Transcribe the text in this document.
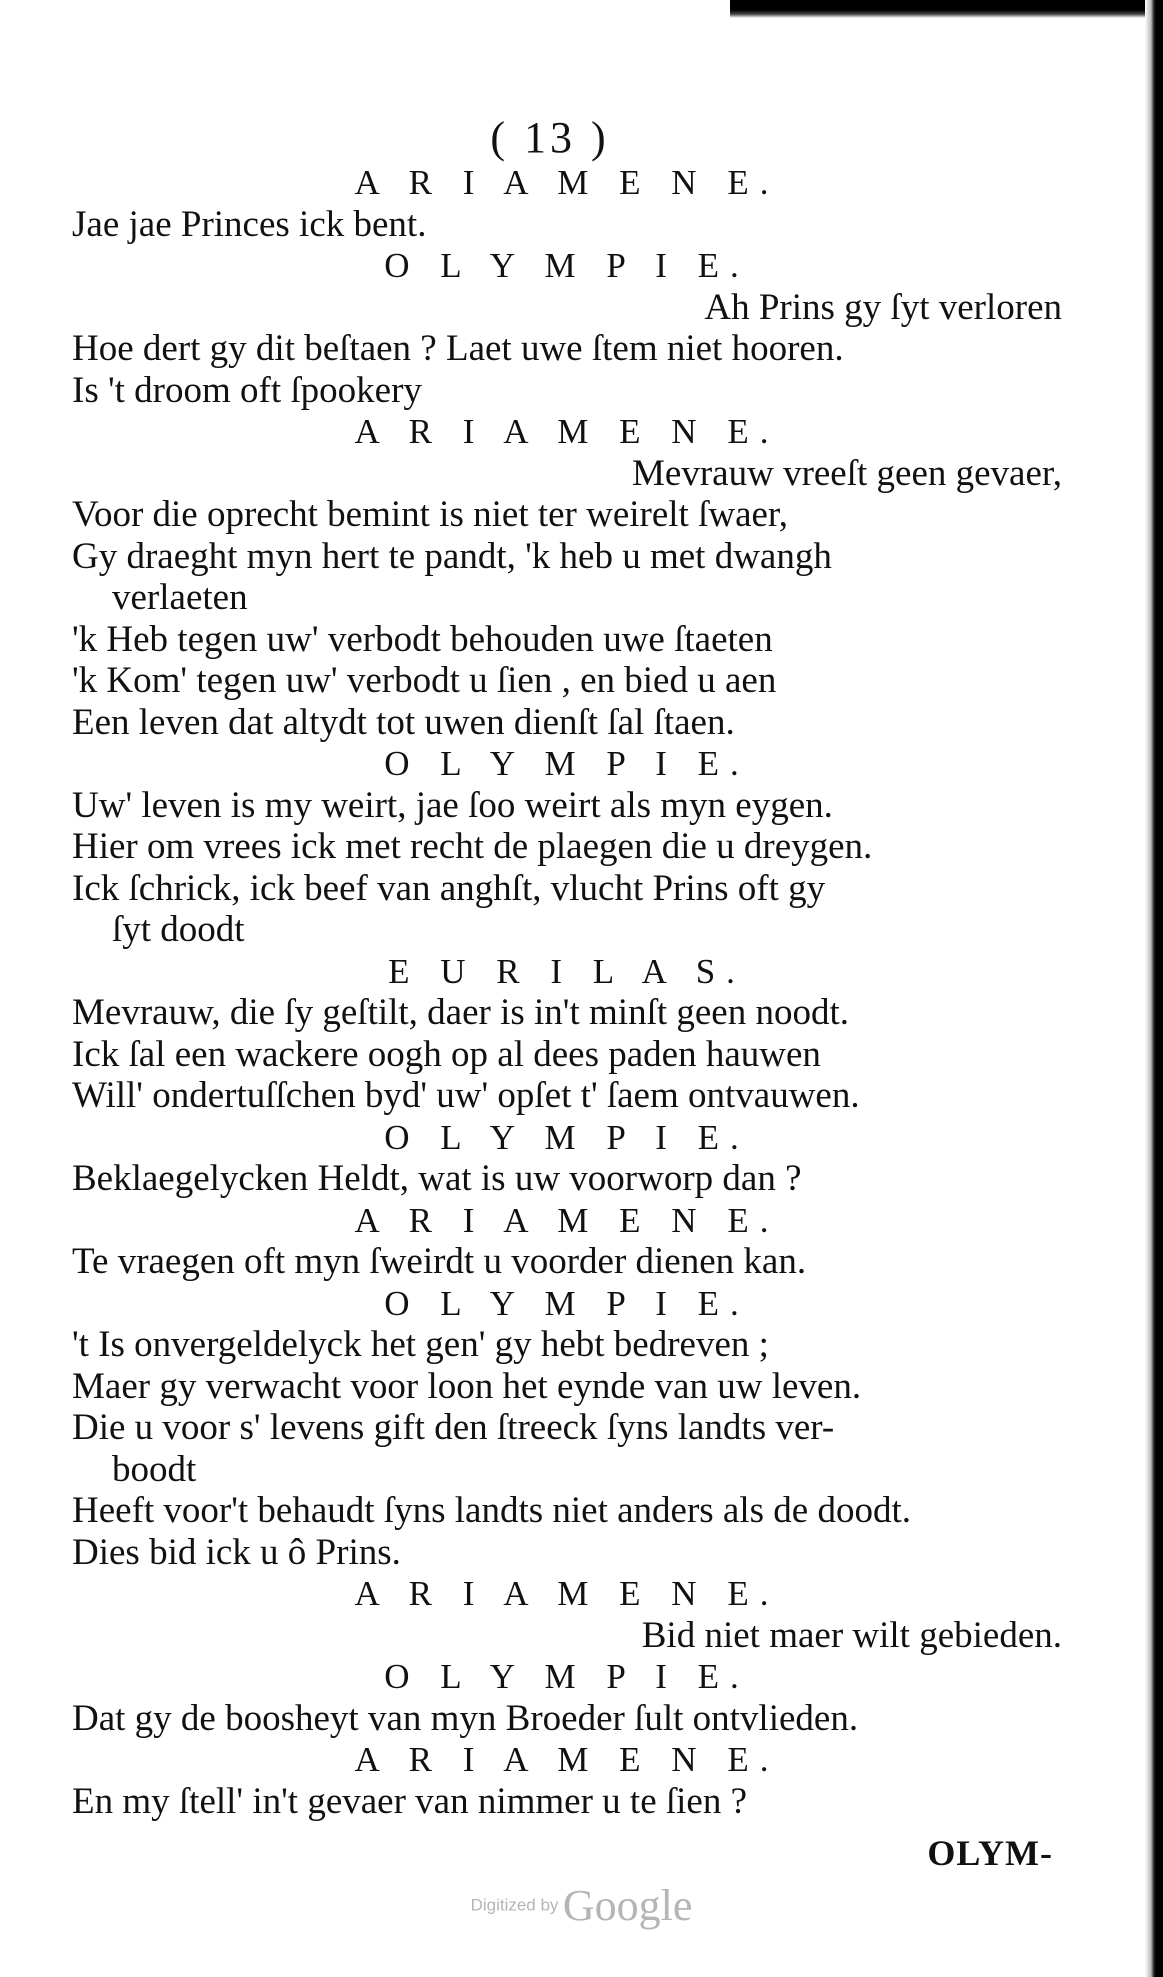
( 13 )
A R I A M E N E.
Jae jae Princes ick bent.
O L Y M P I E.
Ah Prins gy ſyt verloren
Hoe dert gy dit beſtaen ? Laet uwe ſtem niet hooren.
Is 't droom oft ſpookery
A R I A M E N E.
Mevrauw vreeſt geen gevaer,
Voor die oprecht bemint is niet ter weirelt ſwaer,
Gy draeght myn hert te pandt, 'k heb u met dwangh
verlaeten
'k Heb tegen uw' verbodt behouden uwe ſtaeten
'k Kom' tegen uw' verbodt u ſien , en bied u aen
Een leven dat altydt tot uwen dienſt ſal ſtaen.
O L Y M P I E.
Uw' leven is my weirt, jae ſoo weirt als myn eygen.
Hier om vrees ick met recht de plaegen die u dreygen.
Ick ſchrick, ick beef van anghſt, vlucht Prins oft gy
ſyt doodt
E U R I L A S.
Mevrauw, die ſy geſtilt, daer is in't minſt geen noodt.
Ick ſal een wackere oogh op al dees paden hauwen
Will' ondertuſſchen byd' uw' opſet t' ſaem ontvauwen.
O L Y M P I E.
Beklaegelycken Heldt, wat is uw voorworp dan ?
A R I A M E N E.
Te vraegen oft myn ſweirdt u voorder dienen kan.
O L Y M P I E.
't Is onvergeldelyck het gen' gy hebt bedreven ;
Maer gy verwacht voor loon het eynde van uw leven.
Die u voor s' levens gift den ſtreeck ſyns landts ver-
boodt
Heeft voor't behaudt ſyns landts niet anders als de doodt.
Dies bid ick u ô Prins.
A R I A M E N E.
Bid niet maer wilt gebieden.
O L Y M P I E.
Dat gy de boosheyt van myn Broeder ſult ontvlieden.
A R I A M E N E.
En my ſtell' in't gevaer van nimmer u te ſien ?
OLYM-
Digitized by Google
